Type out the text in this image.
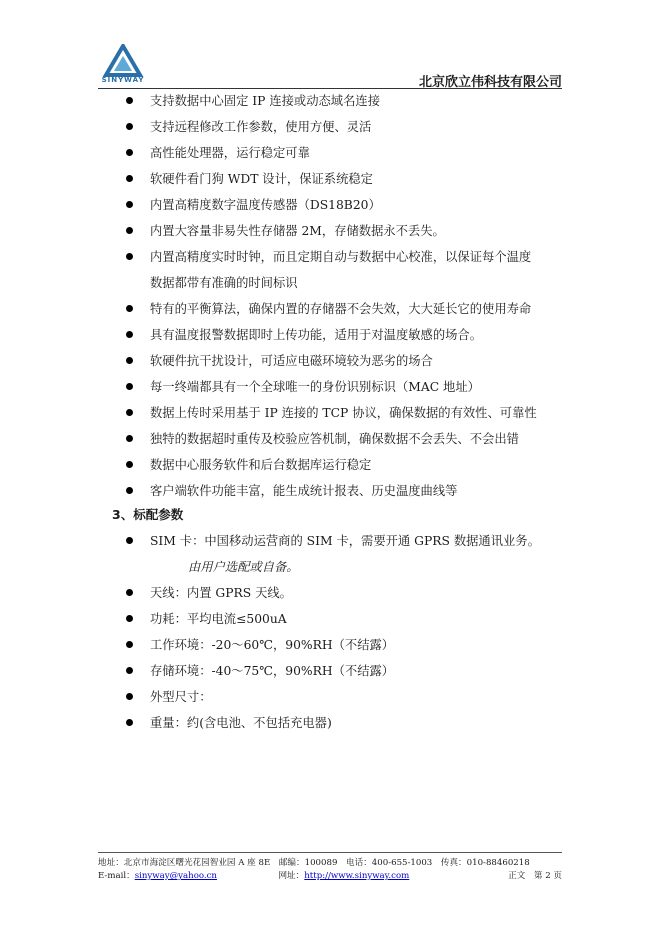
SINYWAY	北京欣立伟科技有限公司
支持数据中心固定 IP 连接或动态域名连接
支持远程修改工作参数，使用方便、灵活
高性能处理器，运行稳定可靠
软硬件看门狗 WDT 设计，保证系统稳定
内置高精度数字温度传感器（DS18B20）
内置大容量非易失性存储器 2M，存储数据永不丢失。
内置高精度实时时钟，而且定期自动与数据中心校准，以保证每个温度
数据都带有准确的时间标识
特有的平衡算法，确保内置的存储器不会失效，大大延长它的使用寿命
具有温度报警数据即时上传功能，适用于对温度敏感的场合。
软硬件抗干扰设计，可适应电磁环境较为恶劣的场合
每一终端都具有一个全球唯一的身份识别标识（MAC 地址）
数据上传时采用基于 IP 连接的 TCP 协议，确保数据的有效性、可靠性
独特的数据超时重传及校验应答机制，确保数据不会丢失、不会出错
数据中心服务软件和后台数据库运行稳定
客户端软件功能丰富，能生成统计报表、历史温度曲线等
3、标配参数
SIM 卡：中国移动运营商的 SIM 卡，需要开通 GPRS 数据通讯业务。
由用户选配或自备。
天线：内置 GPRS 天线。
功耗：平均电流≤500uA
工作环境：-20～60℃，90%RH（不结露）
存储环境：-40～75℃，90%RH（不结露）
外型尺寸：
重量：约(含电池、不包括充电器)
地址：北京市海淀区曙光花园智业园 A 座 8E　邮编：100089　电话：400-655-1003　传真：010-88460218
E-mail：sinyway@yahoo.cn	网址：http://www.sinyway.com	正文　第 2 页
